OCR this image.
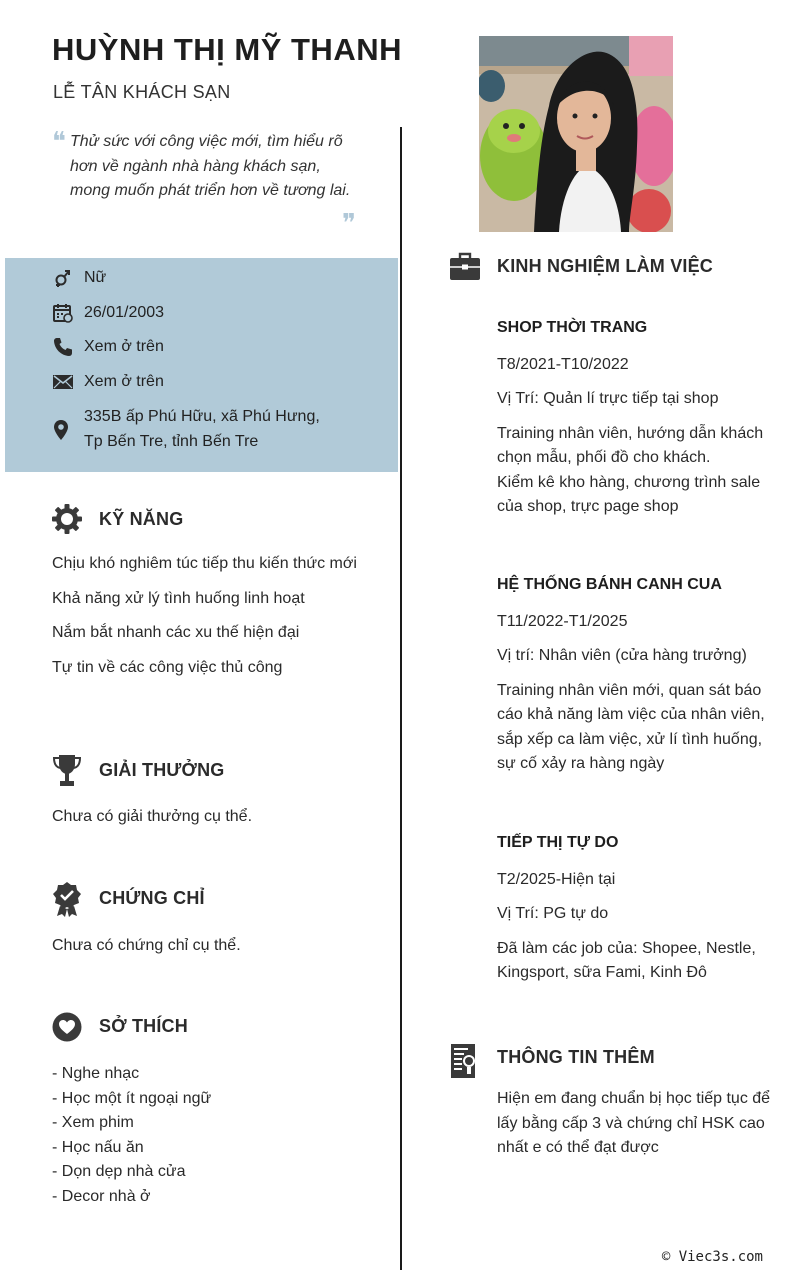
HUỲNH THỊ MỸ THANH
LỄ TÂN KHÁCH SẠN
❝ Thử sức với công việc mới, tìm hiểu rõ hơn về ngành nhà hàng khách sạn, mong muốn phát triển hơn về tương lai.
❞
Nữ
26/01/2003
Xem ở trên
Xem ở trên
335B ấp Phú Hữu, xã Phú Hưng,
Tp Bến Tre, tỉnh Bến Tre
KỸ NĂNG
Chịu khó nghiêm túc tiếp thu kiến thức mới
Khả năng xử lý tình huống linh hoạt
Nắm bắt nhanh các xu thế hiện đại
Tự tin về các công việc thủ công
GIẢI THƯỞNG
Chưa có giải thưởng cụ thể.
CHỨNG CHỈ
Chưa có chứng chỉ cụ thể.
SỞ THÍCH
- Nghe nhạc
- Học một ít ngoại ngữ
- Xem phim
- Học nấu ăn
- Dọn dẹp nhà cửa
- Decor nhà ở
KINH NGHIỆM LÀM VIỆC
SHOP THỜI TRANG
T8/2021-T10/2022
Vị Trí: Quản lí trực tiếp tại shop
Training nhân viên, hướng dẫn khách chọn mẫu, phối đồ cho khách.
Kiểm kê kho hàng, chương trình sale của shop, trực page shop
HỆ THỐNG BÁNH CANH CUA
T11/2022-T1/2025
Vị trí: Nhân viên (cửa hàng trưởng)
Training nhân viên mới, quan sát báo cáo khả năng làm việc của nhân viên, sắp xếp ca làm việc, xử lí tình huống, sự cố xảy ra hàng ngày
TIẾP THỊ TỰ DO
T2/2025-Hiện tại
Vị Trí: PG tự do
Đã làm các job của: Shopee, Nestle, Kingsport, sữa Fami, Kinh Đô
THÔNG TIN THÊM
Hiện em đang chuẩn bị học tiếp tục để lấy bằng cấp 3 và chứng chỉ HSK cao nhất e có thể đạt được
© Viec3s.com
